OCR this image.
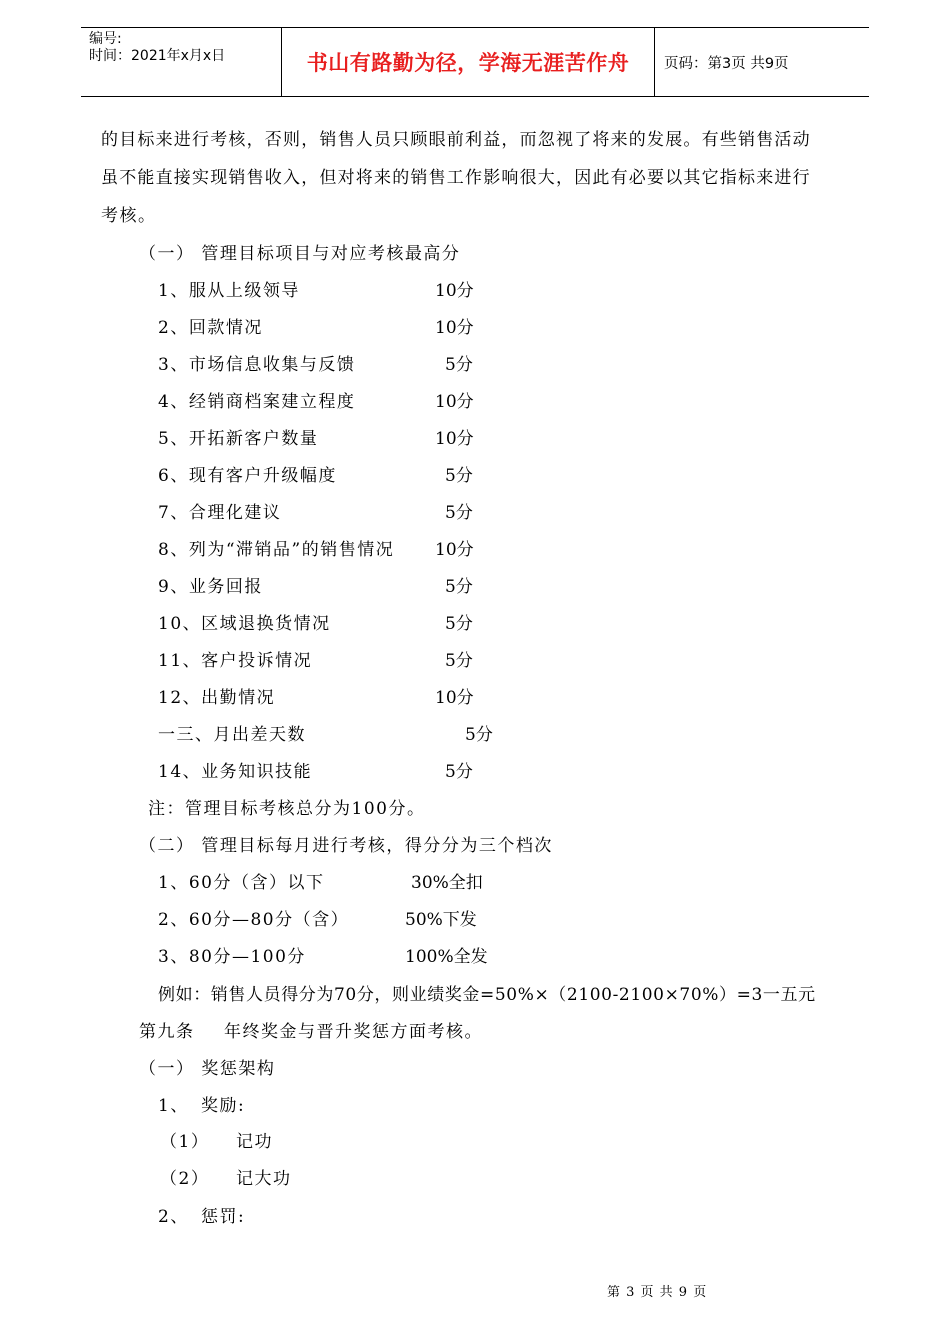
编号:
时间：2021年x月x日	书山有路勤为径，学海无涯苦作舟	页码：第3页 共9页
的目标来进行考核，否则，销售人员只顾眼前利益，而忽视了将来的发展。有些销售活动
虽不能直接实现销售收入，但对将来的销售工作影响很大，因此有必要以其它指标来进行
考核。
（一） 管理目标项目与对应考核最高分
1、服从上级领导	10分
2、回款情况	10分
3、市场信息收集与反馈	5分
4、经销商档案建立程度	10分
5、开拓新客户数量	10分
6、现有客户升级幅度	5分
7、合理化建议	5分
8、列为“滞销品”的销售情况 10分
9、业务回报	5分
10、区域退换货情况	5分
11、客户投诉情况	5分
12、出勤情况	10分
一三、月出差天数	5分
14、业务知识技能	5分
注：管理目标考核总分为100分。
（二） 管理目标每月进行考核，得分分为三个档次
1、60分（含）以下	30%全扣
2、60分—80分（含）	50%下发
3、80分—100分	100%全发
例如：销售人员得分为70分，则业绩奖金=50%×（2100-2100×70%）=3一五元
第九条 年终奖金与晋升奖惩方面考核。
（一） 奖惩架构
1、 奖励:
（1） 记功
（2） 记大功
2、 惩罚:
第 3 页 共 9 页
